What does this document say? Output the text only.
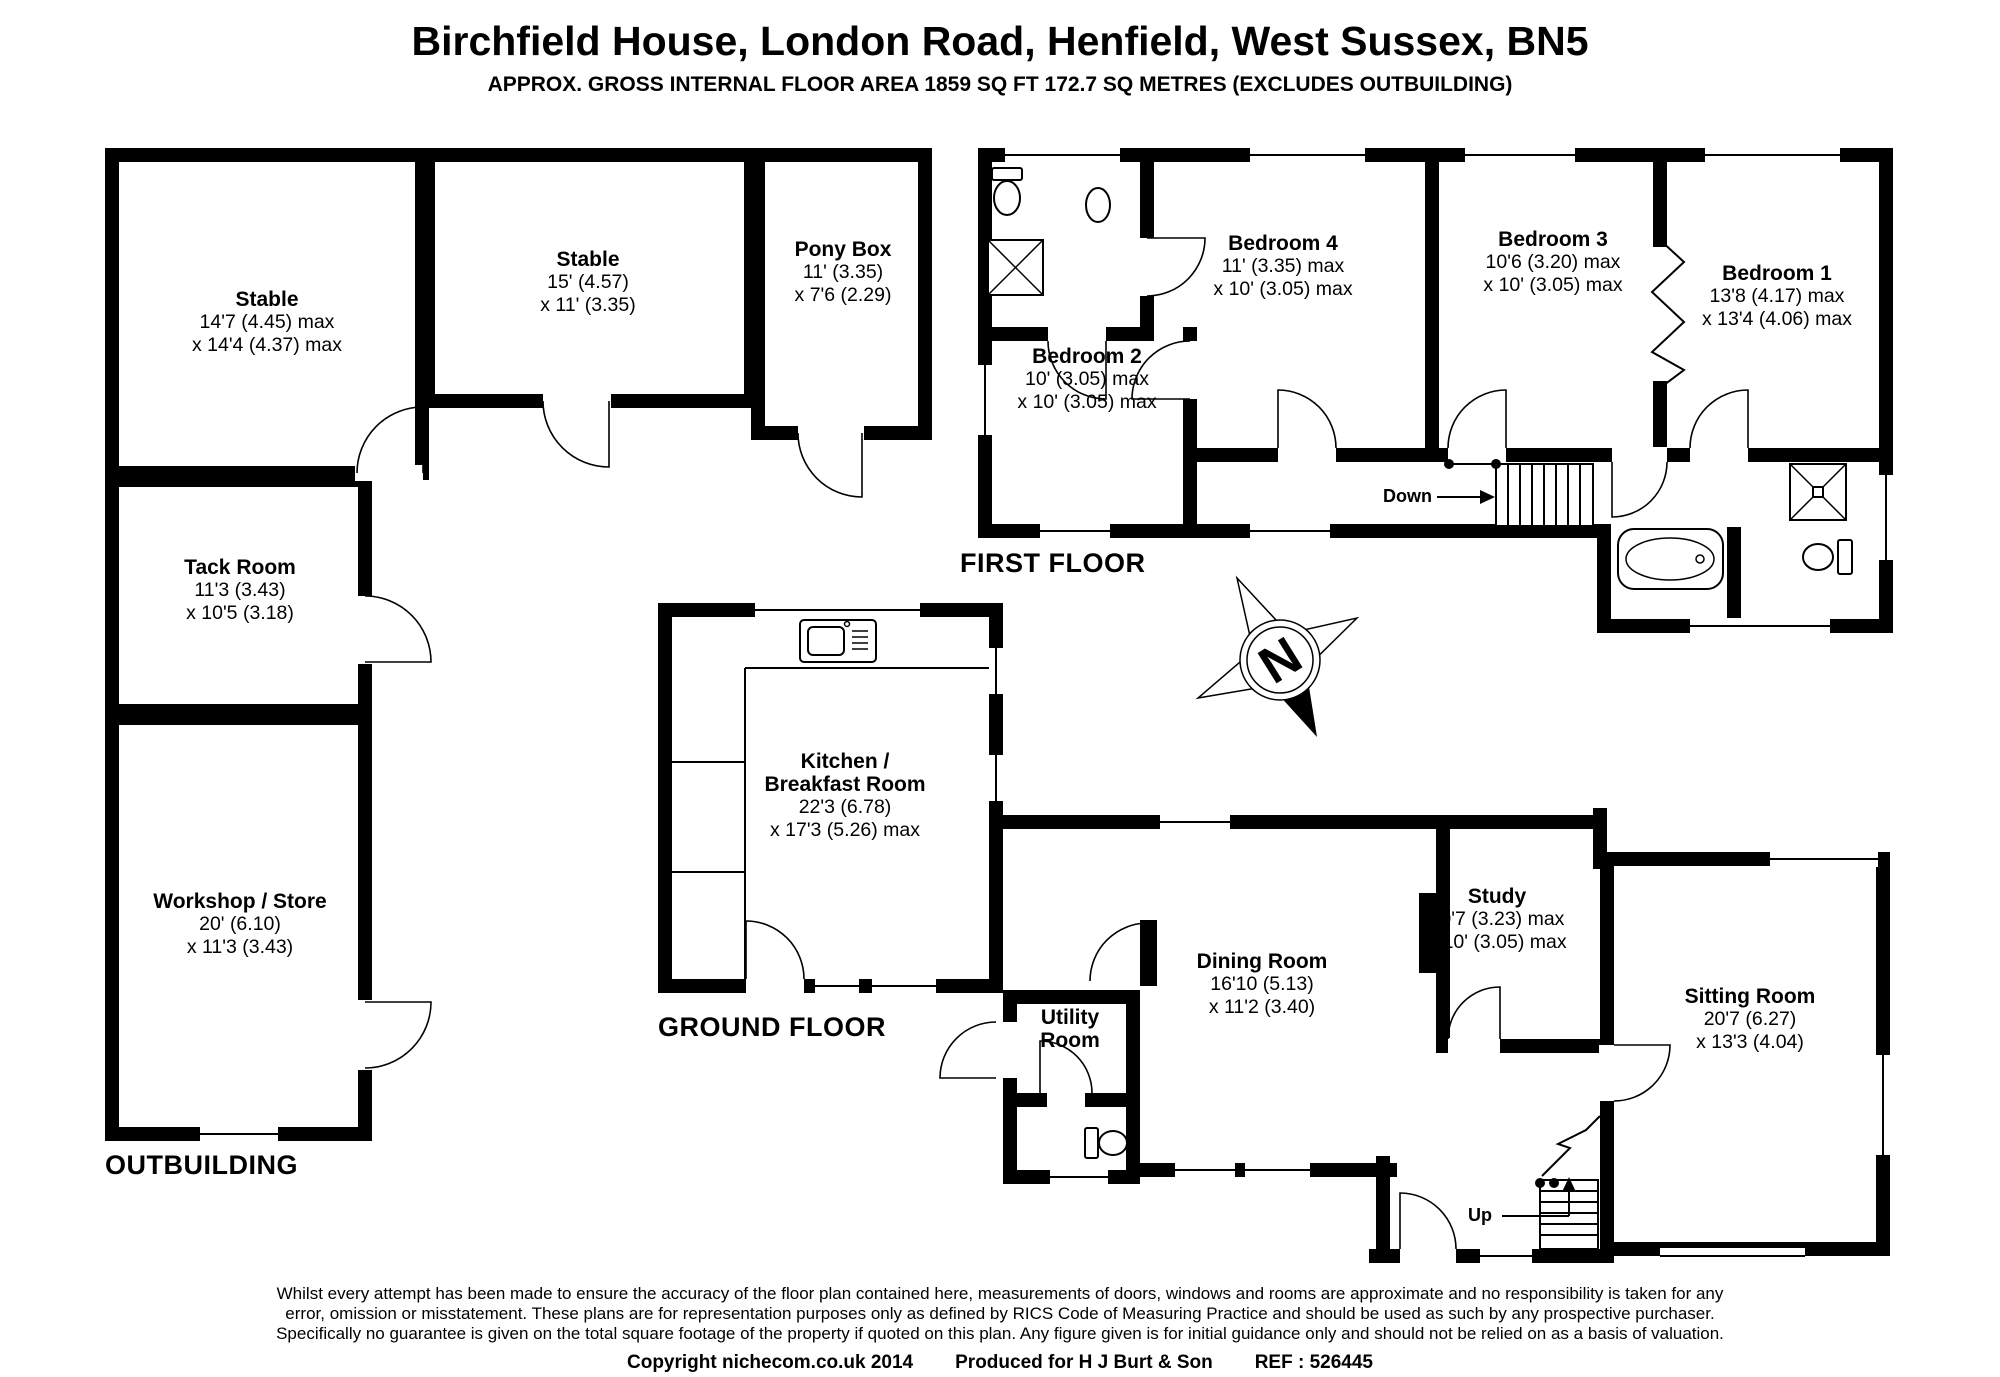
N
Birchfield House, London Road, Henfield, West Sussex, BN5
APPROX. GROSS INTERNAL FLOOR AREA 1859 SQ FT 172.7 SQ METRES (EXCLUDES OUTBUILDING)
Stable
14'7 (4.45) max
x 14'4 (4.37) max
Stable
15' (4.57)
x 11' (3.35)
Pony Box
11' (3.35)
x 7'6 (2.29)
Tack Room
11'3 (3.43)
x 10'5 (3.18)
Workshop / Store
20' (6.10)
x 11'3 (3.43)
Bedroom 2
10' (3.05) max
x 10' (3.05) max
Bedroom 4
11' (3.35) max
x 10' (3.05) max
Bedroom 3
10'6 (3.20) max
x 10' (3.05) max	Bedroom 1
13'8 (4.17) max
x 13'4 (4.06) max
Kitchen /
Breakfast Room
22'3 (6.78)
x 17'3 (5.26) max
Utility
Room
Dining Room
16'10 (5.13)
x 11'2 (3.40)
Study
10'7 (3.23) max
x 10' (3.05) max
Sitting Room
20'7 (6.27)
x 13'3 (4.04)
FIRST FLOOR
GROUND FLOOR
OUTBUILDING
Down
Up
Whilst every attempt has been made to ensure the accuracy of the floor plan contained here, measurements of doors, windows and rooms are approximate and no responsibility is taken for any
error, omission or misstatement. These plans are for representation purposes only as defined by RICS Code of Measuring Practice and should be used as such by any prospective purchaser.
Specifically no guarantee is given on the total square footage of the property if quoted on this plan. Any figure given is for initial guidance only and should not be relied on as a basis of valuation.
Copyright nichecom.co.uk 2014 Produced for H J Burt & Son REF : 526445
